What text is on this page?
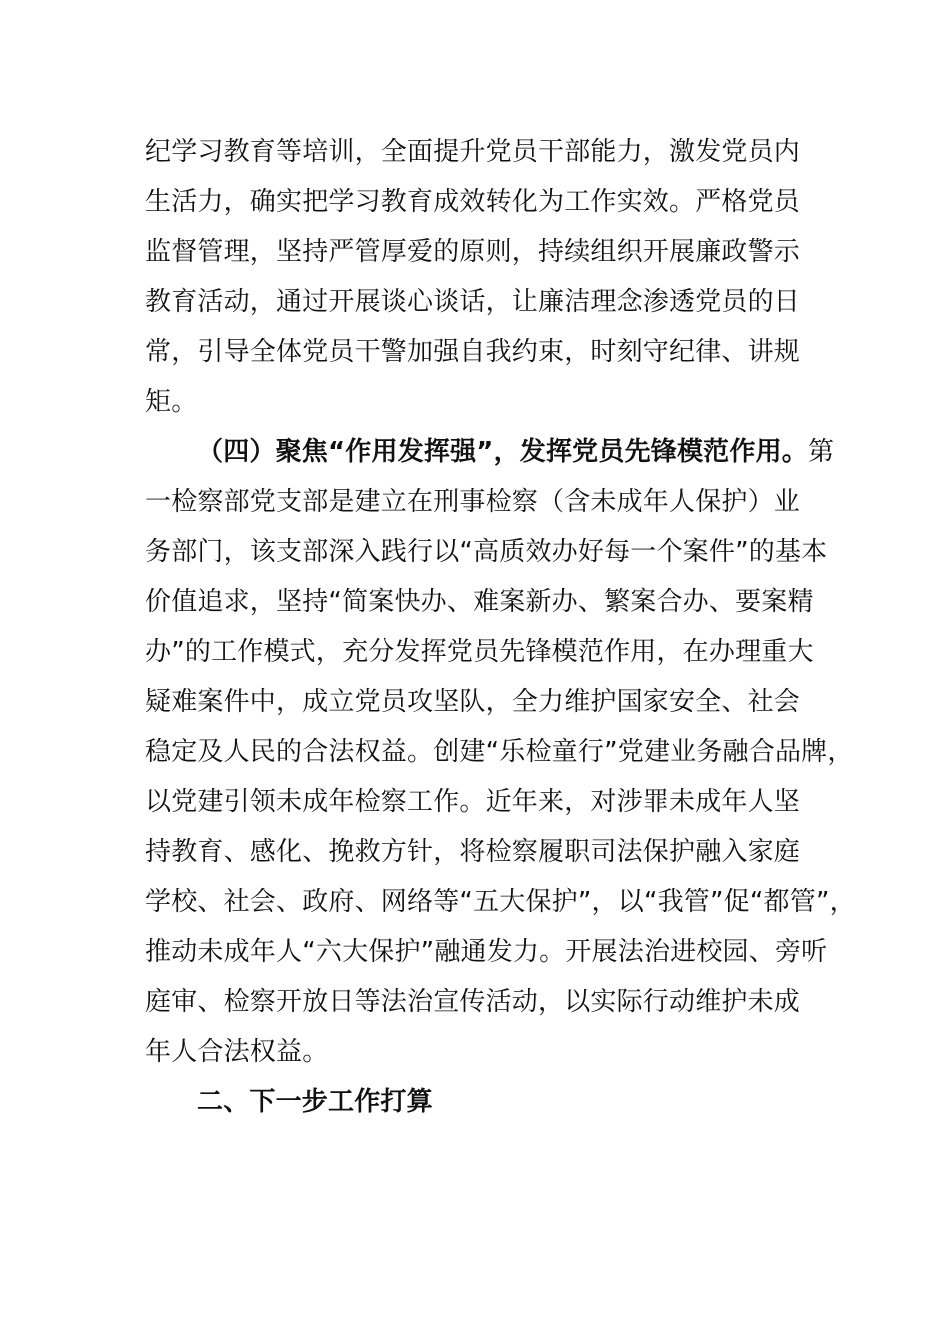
纪学习教育等培训，全面提升党员干部能力，激发党员内
生活力，确实把学习教育成效转化为工作实效。严格党员
监督管理，坚持严管厚爱的原则，持续组织开展廉政警示
教育活动，通过开展谈心谈话，让廉洁理念渗透党员的日
常，引导全体党员干警加强自我约束，时刻守纪律、讲规
矩。
（四）聚焦“作用发挥强”，发挥党员先锋模范作用。第
一检察部党支部是建立在刑事检察（含未成年人保护）业
务部门，该支部深入践行以“高质效办好每一个案件”的基本
价值追求，坚持“简案快办、难案新办、繁案合办、要案精
办”的工作模式，充分发挥党员先锋模范作用，在办理重大
疑难案件中，成立党员攻坚队，全力维护国家安全、社会
稳定及人民的合法权益。创建“乐检童行”党建业务融合品牌，
以党建引领未成年检察工作。近年来，对涉罪未成年人坚
持教育、感化、挽救方针，将检察履职司法保护融入家庭
学校、社会、政府、网络等“五大保护”，以“我管”促“都管”，
推动未成年人“六大保护”融通发力。开展法治进校园、旁听
庭审、检察开放日等法治宣传活动，以实际行动维护未成
年人合法权益。
二、下一步工作打算
